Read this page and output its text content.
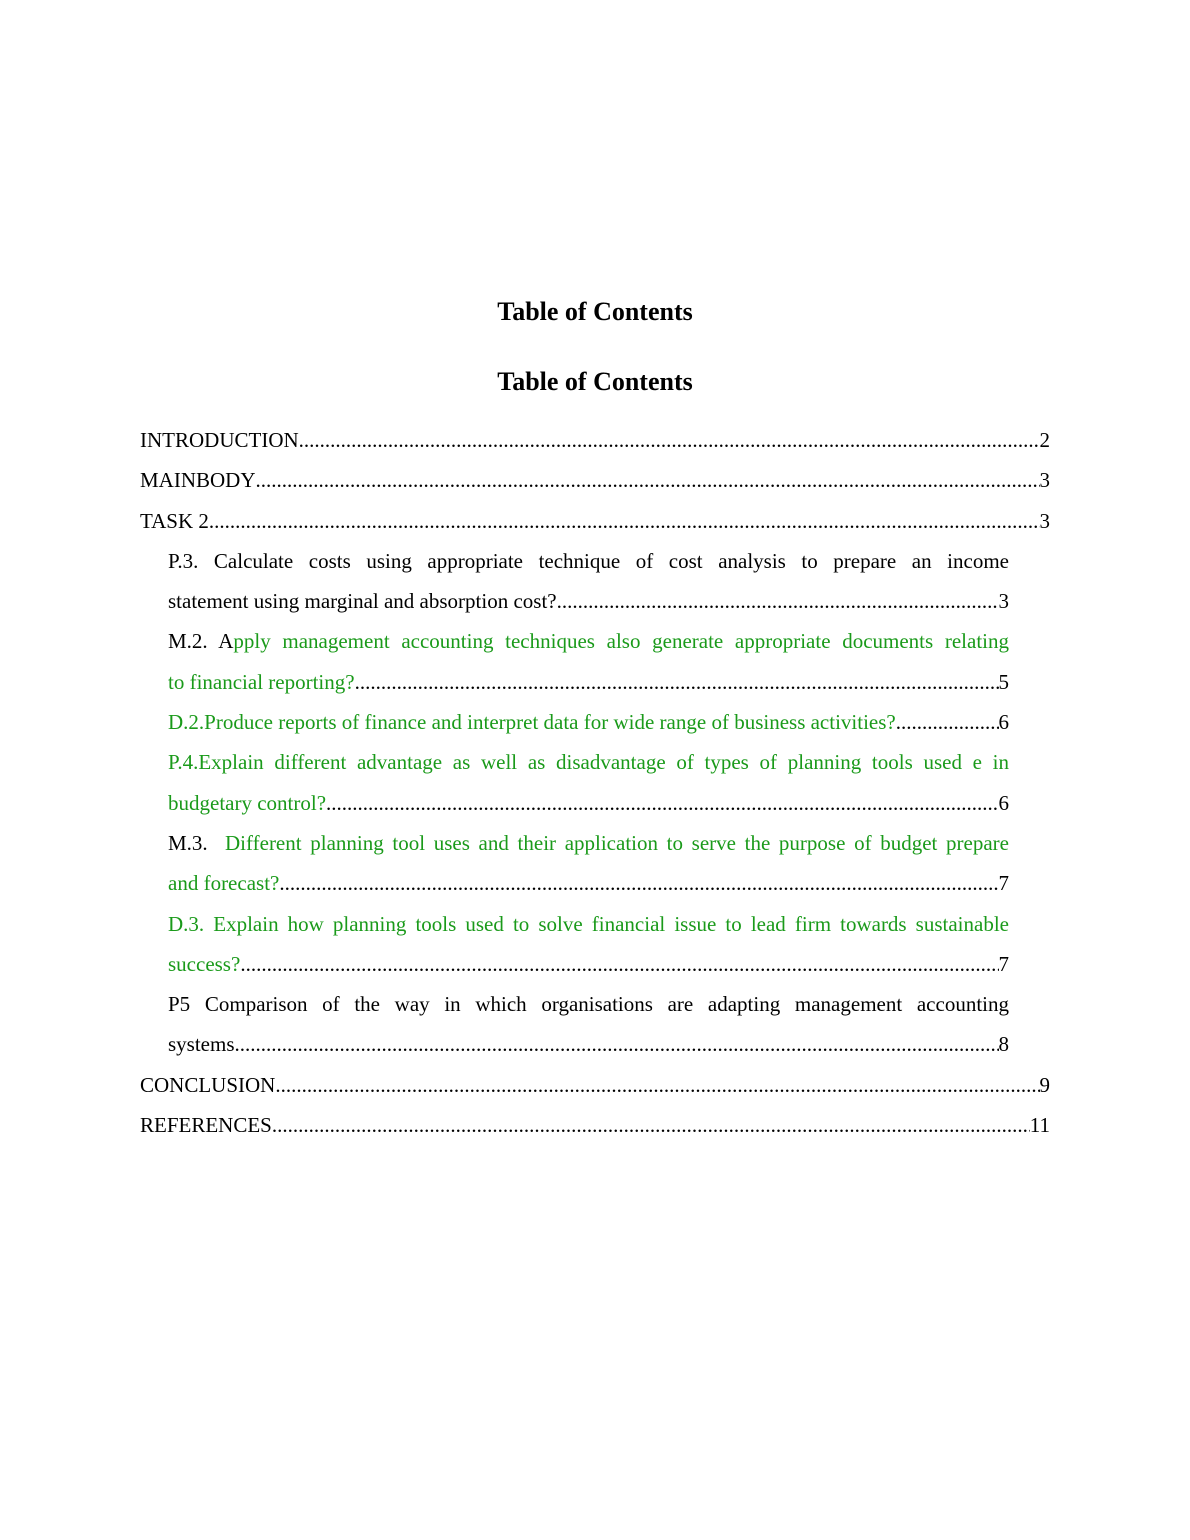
Table of Contents
Table of Contents
INTRODUCTION .....	2
MAINBODY .....	3
TASK 2 .....	3
P.3. Calculate costs using appropriate technique of cost analysis to prepare an income
statement using marginal and absorption cost? .....	3
M.2. Apply management accounting techniques also generate appropriate documents relating
to financial reporting? .....	5
D.2.Produce reports of finance and interpret data for wide range of business activities? .....	6
P.4.Explain different advantage as well as disadvantage of types of planning tools used e in
budgetary control? .....	6
M.3. Different planning tool uses and their application to serve the purpose of budget prepare
and forecast? .....	7
D.3. Explain how planning tools used to solve financial issue to lead firm towards sustainable
success? .....	7
P5 Comparison of the way in which organisations are adapting management accounting
systems .....	8
CONCLUSION .....	9
REFERENCES .....	11
